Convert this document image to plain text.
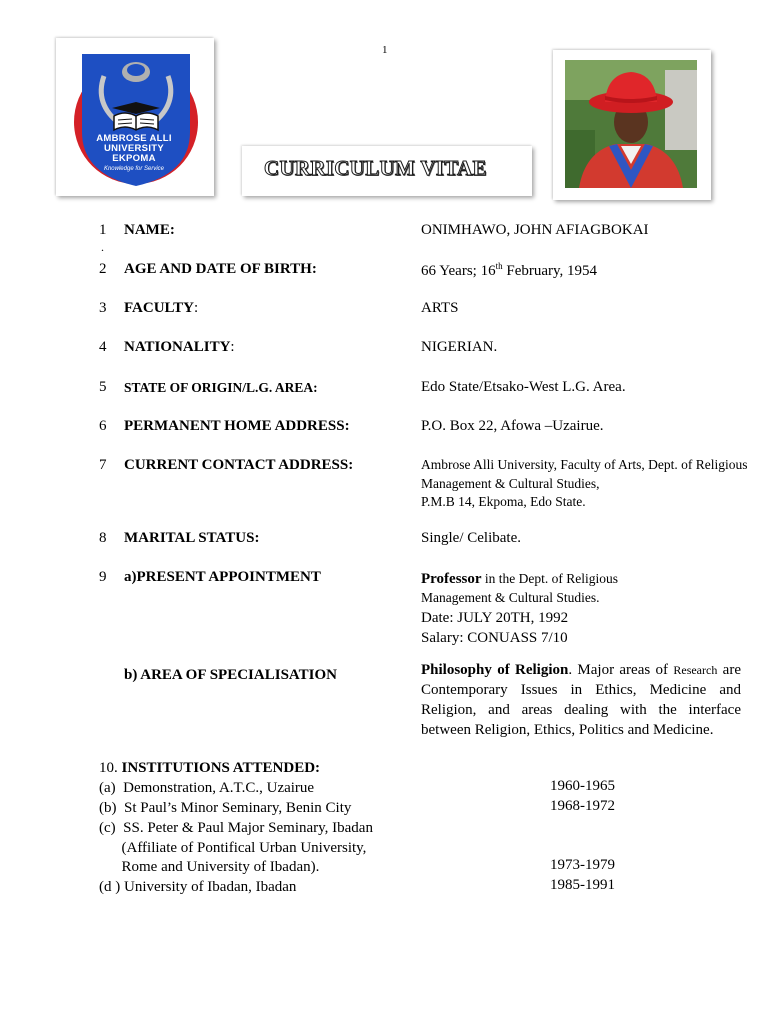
1
AMBROSE ALLI
UNIVERSITY
EKPOMA
Knowledge for Service	CURRICULUM VITAE
1
.
NAME:	ONIMHAWO, JOHN AFIAGBOKAI
2 AGE AND DATE OF BIRTH:	66 Years; 16th February, 1954
3 FACULTY:	ARTS
4 NATIONALITY:	NIGERIAN.
5 STATE OF ORIGIN/L.G. AREA:	Edo State/Etsako-West L.G. Area.
6 PERMANENT HOME ADDRESS:	P.O. Box 22, Afowa –Uzairue.
7 CURRENT CONTACT ADDRESS:	Ambrose Alli University, Faculty of Arts, Dept. of Religious
Management & Cultural Studies,
P.M.B 14, Ekpoma, Edo State.
8 MARITAL STATUS:	Single/ Celibate.
9 a)PRESENT APPOINTMENT	Professor in the Dept. of Religious
Management & Cultural Studies.
Date: JULY 20TH, 1992
Salary: CONUASS 7/10
b) AREA OF SPECIALISATION	Philosophy of Religion. Major areas of Research are Contemporary Issues in Ethics, Medicine and Religion, and areas dealing with the interface between Religion, Ethics, Politics and Medicine.
10. INSTITUTIONS ATTENDED:
(a)  Demonstration, A.T.C., Uzairue	1960-1965
(b)  St Paul’s Minor Seminary, Benin City	1968-1972
(c)  SS. Peter & Paul Major Seminary, Ibadan
(Affiliate of Pontifical Urban University,
Rome and University of Ibadan).	1973-1979
(d ) University of Ibadan, Ibadan	1985-1991
